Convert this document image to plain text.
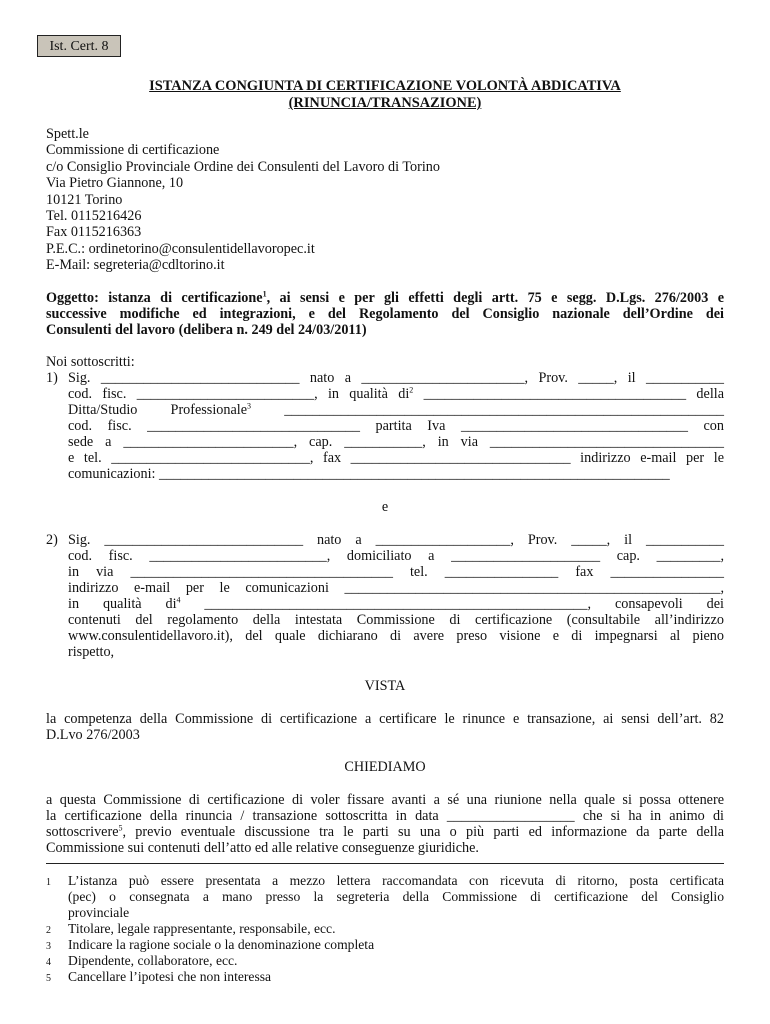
Ist. Cert. 8
ISTANZA CONGIUNTA DI CERTIFICAZIONE VOLONTÀ ABDICATIVA
(RINUNCIA/TRANSAZIONE)
Spett.le
Commissione di certificazione
c/o Consiglio Provinciale Ordine dei Consulenti del Lavoro di Torino
Via Pietro Giannone, 10
10121 Torino
Tel. 0115216426
Fax 0115216363
P.E.C.: ordinetorino@consulentidellavoropec.it
E-Mail: segreteria@cdltorino.it
Oggetto: istanza di certificazione$^1$, ai sensi e per gli effetti degli artt. 75 e segg. D.Lgs. 276/2003 e
successive modifiche ed integrazioni, e del Regolamento del Consiglio nazionale dell’Ordine dei
Consulenti del lavoro (delibera n. 249 del 24/03/2011)
Noi sottoscritti:
1) Sig. ____________________________ nato a _______________________, Prov. _____, il ___________
cod. fisc. _________________________, in qualità $di^2$ _____________________________________ della
Ditta/Studio Professionale$^3$ ______________________________________________________________
cod. fisc. ______________________________ partita Iva ________________________________ con
sede a ________________________, cap. ___________, in via _________________________________
e tel. ____________________________, fax _______________________________ indirizzo e-mail per le
comunicazioni: ________________________________________________________________________
e
2) Sig. ____________________________ nato a ___________________, Prov. _____, il ___________
cod. fisc. _________________________, domiciliato a _____________________ cap. _________,
in via _____________________________________ tel. ________________ fax ________________
indirizzo e-mail per le comunicazioni _____________________________________________________,
in qualità $di^4$ ______________________________________________________, consapevoli dei
contenuti del regolamento della intestata Commissione di certificazione (consultabile all’indirizzo
www.consulentidellavoro.it), del quale dichiarano di avere preso visione e di impegnarsi al pieno
rispetto,
VISTA
la competenza della Commissione di certificazione a certificare le rinunce e transazione, ai sensi dell’art. 82
D.Lvo 276/2003
CHIEDIAMO
a questa Commissione di certificazione di voler fissare avanti a sé una riunione nella quale si possa ottenere
la certificazione della rinuncia / transazione sottoscritta in data __________________ che si ha in animo di
sottoscrivere$^5$, previo eventuale discussione tra le parti su una o più parti ed informazione da parte della
Commissione sui contenuti dell’atto ed alle relative conseguenze giuridiche.
1 L’istanza può essere presentata a mezzo lettera raccomandata con ricevuta di ritorno, posta certificata
(pec) o consegnata a mano presso la segreteria della Commissione di certificazione del Consiglio
provinciale
2 Titolare, legale rappresentante, responsabile, ecc.
3 Indicare la ragione sociale o la denominazione completa
4 Dipendente, collaboratore, ecc.
5 Cancellare l’ipotesi che non interessa
